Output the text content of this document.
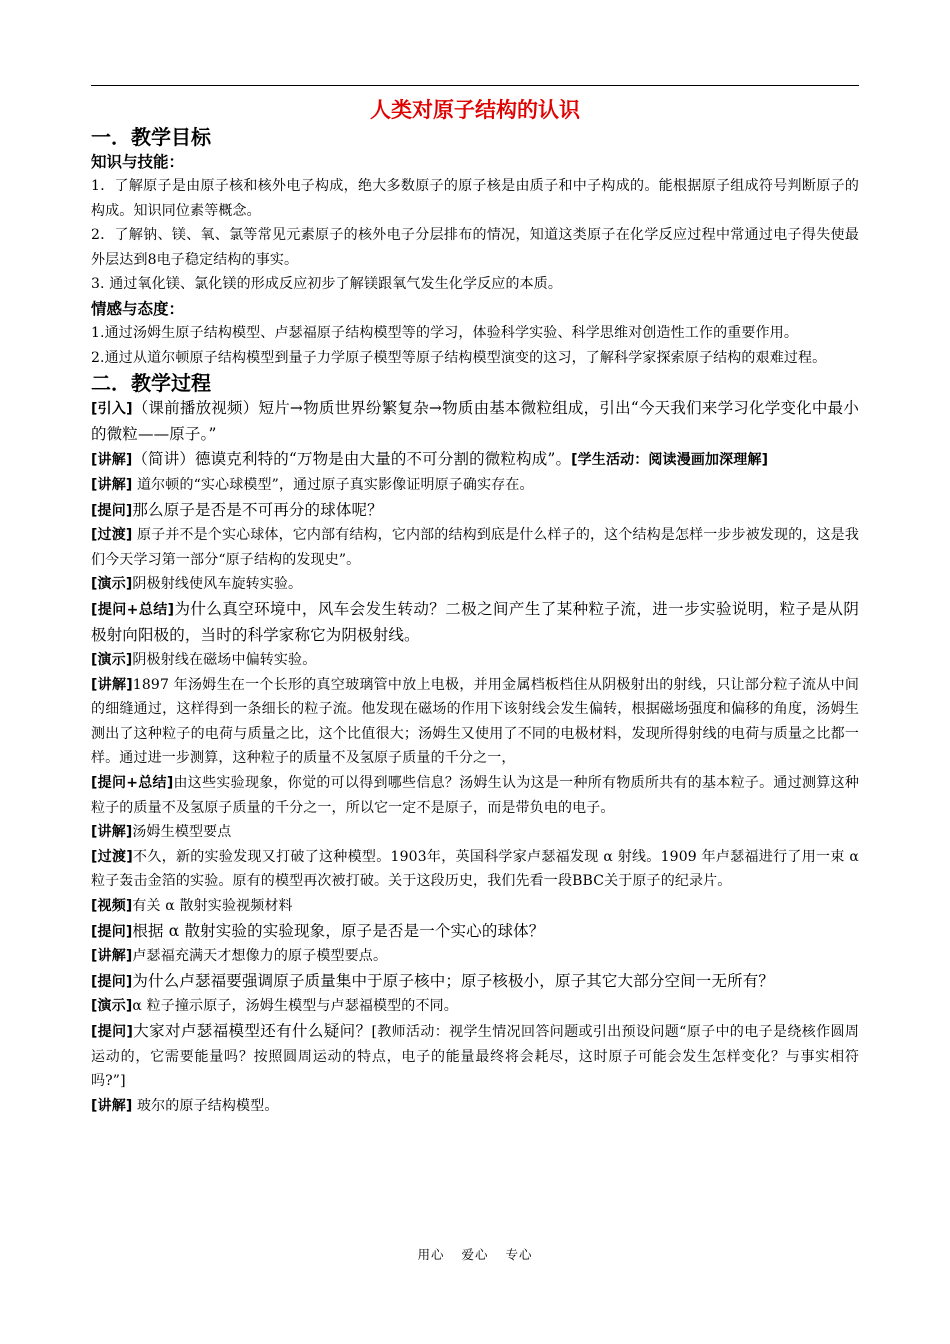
人类对原子结构的认识
一．教学目标
知识与技能：

1．了解原子是由原子核和核外电子构成，绝大多数原子的原子核是由质子和中子构成的。能根据原子组成符号判断原子的构成。知识同位素等概念。

2．了解钠、镁、氧、氯等常见元素原子的核外电子分层排布的情况，知道这类原子在化学反应过程中常通过电子得失使最外层达到8电子稳定结构的事实。

3. 通过氧化镁、氯化镁的形成反应初步了解镁跟氧气发生化学反应的本质。

情感与态度：

1.通过汤姆生原子结构模型、卢瑟福原子结构模型等的学习，体验科学实验、科学思维对创造性工作的重要作用。

2.通过从道尔顿原子结构模型到量子力学原子模型等原子结构模型演变的这习，了解科学家探索原子结构的艰难过程。

二．教学过程

[引入]（课前播放视频）短片→物质世界纷繁复杂→物质由基本微粒组成，引出“今天我们来学习化学变化中最小的微粒——原子。”

[讲解]（简讲）德谟克利特的“万物是由大量的不可分割的微粒构成”。[学生活动：阅读漫画加深理解]

[讲解] 道尔顿的“实心球模型”，通过原子真实影像证明原子确实存在。

[提问]那么原子是否是不可再分的球体呢？

[过渡] 原子并不是个实心球体，它内部有结构，它内部的结构到底是什么样子的，这个结构是怎样一步步被发现的，这是我们今天学习第一部分“原子结构的发现史”。

[演示]阴极射线使风车旋转实验。

[提问+总结]为什么真空环境中，风车会发生转动？二极之间产生了某种粒子流，进一步实验说明，粒子是从阴极射向阳极的，当时的科学家称它为阴极射线。

[演示]阴极射线在磁场中偏转实验。

[讲解]1897 年汤姆生在一个长形的真空玻璃管中放上电极，并用金属档板档住从阴极射出的射线，只让部分粒子流从中间的细缝通过，这样得到一条细长的粒子流。他发现在磁场的作用下该射线会发生偏转，根据磁场强度和偏移的角度，汤姆生测出了这种粒子的电荷与质量之比，这个比值很大；汤姆生又使用了不同的电极材料，发现所得射线的电荷与质量之比都一样。通过进一步测算，这种粒子的质量不及氢原子质量的千分之一，

[提问+总结]由这些实验现象，你觉的可以得到哪些信息？汤姆生认为这是一种所有物质所共有的基本粒子。通过测算这种粒子的质量不及氢原子质量的千分之一，所以它一定不是原子，而是带负电的电子。

[讲解]汤姆生模型要点

[过渡]不久，新的实验发现又打破了这种模型。1903年，英国科学家卢瑟福发现 α 射线。1909 年卢瑟福进行了用一束 α 粒子轰击金箔的实验。原有的模型再次被打破。关于这段历史，我们先看一段BBC关于原子的纪录片。

[视频]有关 α 散射实验视频材料

[提问]根据 α 散射实验的实验现象，原子是否是一个实心的球体？

[讲解]卢瑟福充满天才想像力的原子模型要点。

[提问]为什么卢瑟福要强调原子质量集中于原子核中；原子核极小，原子其它大部分空间一无所有？

[演示]α 粒子撞示原子，汤姆生模型与卢瑟福模型的不同。

[提问]大家对卢瑟福模型还有什么疑问？[教师活动：视学生情况回答问题或引出预设问题“原子中的电子是绕核作圆周运动的，它需要能量吗？按照圆周运动的特点，电子的能量最终将会耗尽，这时原子可能会发生怎样变化？与事实相符吗?”]

[讲解] 玻尔的原子结构模型。

用心 爱心 专心
